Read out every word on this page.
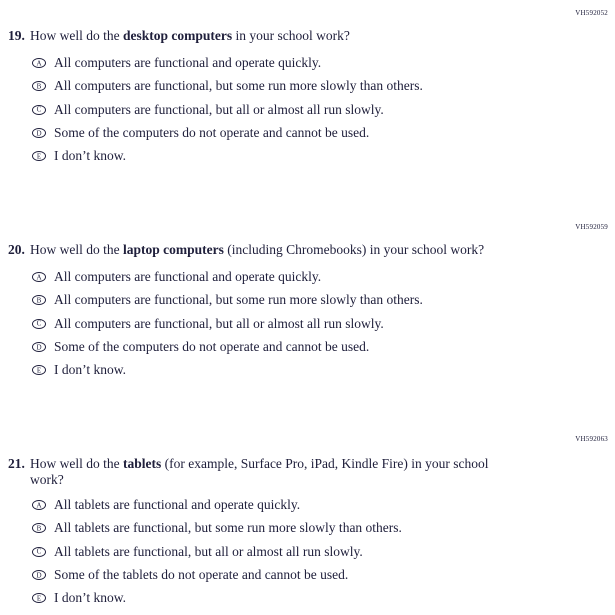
VH592052
19. How well do the desktop computers in your school work?
A All computers are functional and operate quickly.
B All computers are functional, but some run more slowly than others.
C All computers are functional, but all or almost all run slowly.
D Some of the computers do not operate and cannot be used.
E I don’t know.
VH592059
20. How well do the laptop computers (including Chromebooks) in your school work?
A All computers are functional and operate quickly.
B All computers are functional, but some run more slowly than others.
C All computers are functional, but all or almost all run slowly.
D Some of the computers do not operate and cannot be used.
E I don’t know.
VH592063
21. How well do the tablets (for example, Surface Pro, iPad, Kindle Fire) in your school
work?
A All tablets are functional and operate quickly.
B All tablets are functional, but some run more slowly than others.
C All tablets are functional, but all or almost all run slowly.
D Some of the tablets do not operate and cannot be used.
E I don’t know.
